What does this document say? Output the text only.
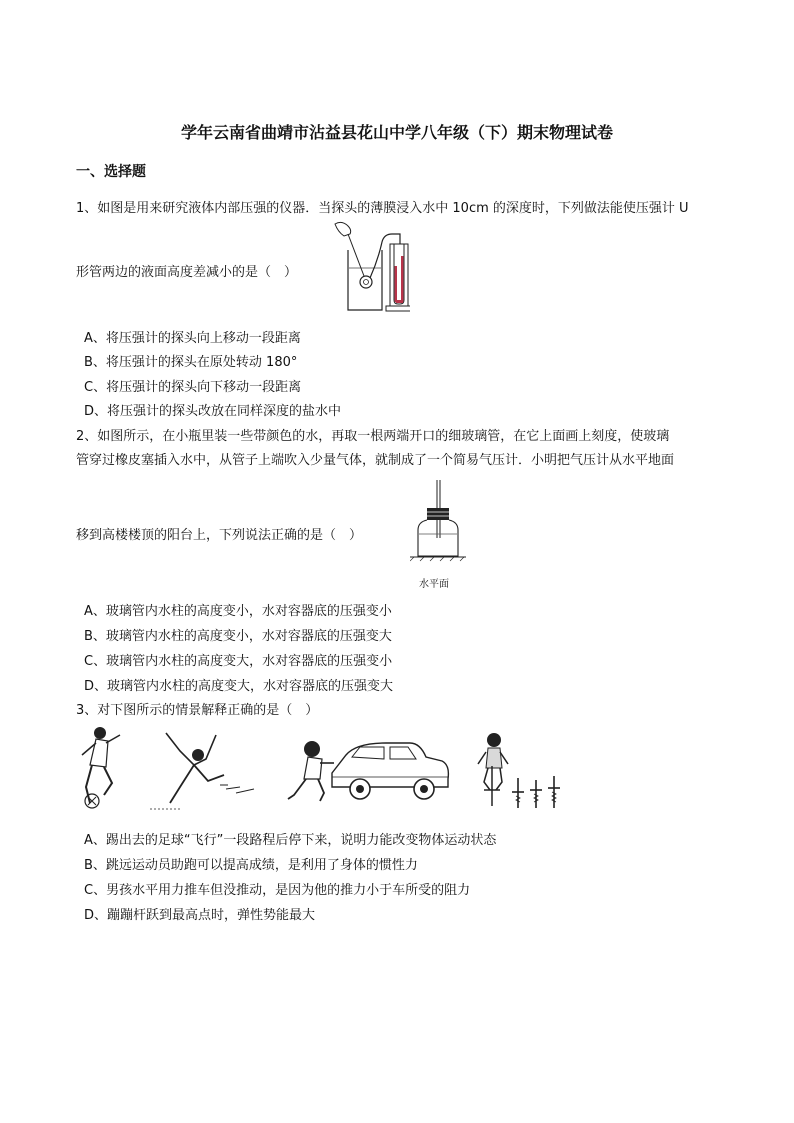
学年云南省曲靖市沾益县花山中学八年级（下）期末物理试卷
一、选择题
1、如图是用来研究液体内部压强的仪器．当探头的薄膜浸入水中 10cm 的深度时，下列做法能使压强计 U
形管两边的液面高度差减小的是（　）
A、将压强计的探头向上移动一段距离
B、将压强计的探头在原处转动 180°
C、将压强计的探头向下移动一段距离
D、将压强计的探头改放在同样深度的盐水中
2、如图所示，在小瓶里装一些带颜色的水，再取一根两端开口的细玻璃管，在它上面画上刻度，使玻璃
管穿过橡皮塞插入水中，从管子上端吹入少量气体，就制成了一个简易气压计．小明把气压计从水平地面
移到高楼楼顶的阳台上，下列说法正确的是（　）
水平面
A、玻璃管内水柱的高度变小，水对容器底的压强变小
B、玻璃管内水柱的高度变小，水对容器底的压强变大
C、玻璃管内水柱的高度变大，水对容器底的压强变小
D、玻璃管内水柱的高度变大，水对容器底的压强变大
3、对下图所示的情景解释正确的是（　）
A、踢出去的足球“飞行”一段路程后停下来，说明力能改变物体运动状态
B、跳远运动员助跑可以提高成绩，是利用了身体的惯性力
C、男孩水平用力推车但没推动，是因为他的推力小于车所受的阻力
D、蹦蹦杆跃到最高点时，弹性势能最大
